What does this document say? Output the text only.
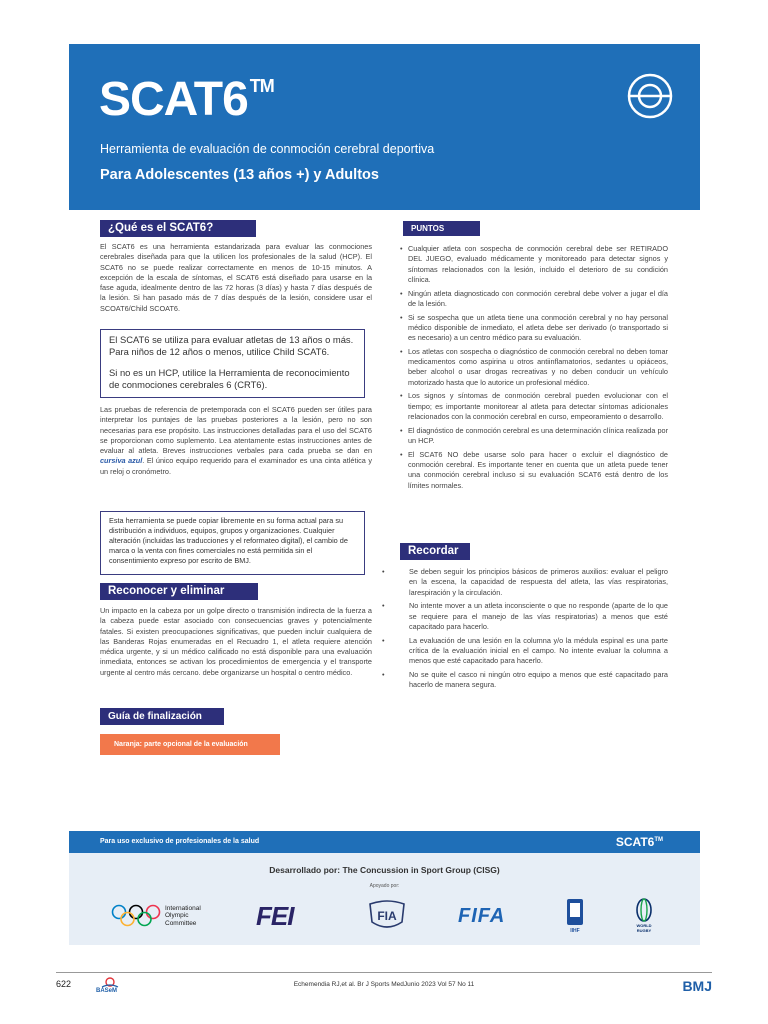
SCAT6 ™
Herramienta de evaluación de conmoción cerebral deportiva
Para Adolescentes (13 años +) y Adultos
¿Qué es el SCAT6?
El SCAT6 es una herramienta estandarizada para evaluar las conmociones cerebrales diseñada para que la utilicen los profesionales de la salud (HCP). El SCAT6 no se puede realizar correctamente en menos de 10-15 minutos. A excepción de la escala de síntomas, el SCAT6 está diseñado para usarse en la fase aguda, idealmente dentro de las 72 horas (3 días) y hasta 7 días después de la lesión. Si han pasado más de 7 días después de la lesión, considere usar el SCOAT6/Child SCOAT6.

El SCAT6 se utiliza para evaluar atletas de 13 años o más. Para niños de 12 años o menos, utilice Child SCAT6.

Si no es un HCP, utilice la Herramienta de reconocimiento de conmociones cerebrales 6 (CRT6).

Las pruebas de referencia de pretemporada con el SCAT6 pueden ser útiles para interpretar los puntajes de las pruebas posteriores a la lesión, pero no son necesarias para ese propósito. Las instrucciones detalladas para el uso del SCAT6 se proporcionan como suplemento. Lea atentamente estas instrucciones antes de evaluar al atleta. Breves instrucciones verbales para cada prueba se dan en cursiva azul. El único equipo requerido para el examinador es una cinta atlética y un reloj o cronómetro.

Esta herramienta se puede copiar libremente en su forma actual para su distribución a individuos, equipos, grupos y organizaciones. Cualquier alteración (incluidas las traducciones y el reformateo digital), el cambio de marca o la venta con fines comerciales no está permitida sin el consentimiento expreso por escrito de BMJ.

Reconocer y eliminar
Un impacto en la cabeza por un golpe directo o transmisión indirecta de la fuerza a la cabeza puede estar asociado con consecuencias graves y potencialmente fatales. Si existen preocupaciones significativas, que pueden incluir cualquiera de las Banderas Rojas enumeradas en el Recuadro 1, el atleta requiere atención médica urgente, y si un médico calificado no está disponible para una evaluación inmediata, entonces se activan los procedimientos de emergencia y el transporte urgente al centro más cercano. debe organizarse un hospital o centro médico.
Guía de finalización
Naranja: parte opcional de la evaluación
PUNTOS CLAVE
• Cualquier atleta con sospecha de conmoción cerebral debe ser RETIRADO DEL JUEGO, evaluado médicamente y monitoreado para detectar signos y síntomas relacionados con la lesión, incluido el deterioro de su condición clínica.
• Ningún atleta diagnosticado con conmoción cerebral debe volver a jugar el día de la lesión.
• Si se sospecha que un atleta tiene una conmoción cerebral y no hay personal médico disponible de inmediato, el atleta debe ser derivado (o transportado si es necesario) a un centro médico para su evaluación.
• Los atletas con sospecha o diagnóstico de conmoción cerebral no deben tomar medicamentos como aspirina u otros antiinflamatorios, sedantes u opiáceos, beber alcohol o usar drogas recreativas y no deben conducir un vehículo motorizado hasta que lo autorice un profesional médico.
• Los signos y síntomas de conmoción cerebral pueden evolucionar con el tiempo; es importante monitorear al atleta para detectar síntomas adicionales relacionados con la conmoción cerebral en curso, empeoramiento o desarrollo.
• El diagnóstico de conmoción cerebral es una determinación clínica realizada por un HCP.
• El SCAT6 NO debe usarse solo para hacer o excluir el diagnóstico de conmoción cerebral. Es importante tener en cuenta que un atleta puede tener una conmoción cerebral incluso si su evaluación SCAT6 está dentro de los límites normales.
Recordar
• Se deben seguir los principios básicos de primeros auxilios: evaluar el peligro en la escena, la capacidad de respuesta del atleta, las vías respiratorias, larespiración y la circulación.
• No intente mover a un atleta inconsciente o que no responde (aparte de lo que se requiere para el manejo de las vías respiratorias) a menos que esté capacitado para hacerlo.
• La evaluación de una lesión en la columna y/o la médula espinal es una parte crítica de la evaluación inicial en el campo. No intente evaluar la columna a menos que esté capacitado para hacerlo.
• No se quite el casco ni ningún otro equipo a menos que esté capacitado para hacerlo de manera segura.
Para uso exclusivo de profesionales de la salud	SCAT6™
Desarrollado por: The Concussion in Sport Group (CISG)
Apoyado por:
International
Olympic
Committee FEI	FIA	FIFA
IIHF
WORLD
RUGBY
622
BASeM
Echemendia RJ,et al. Br J Sports MedJunio 2023 Vol 57 No 11	BMJ
